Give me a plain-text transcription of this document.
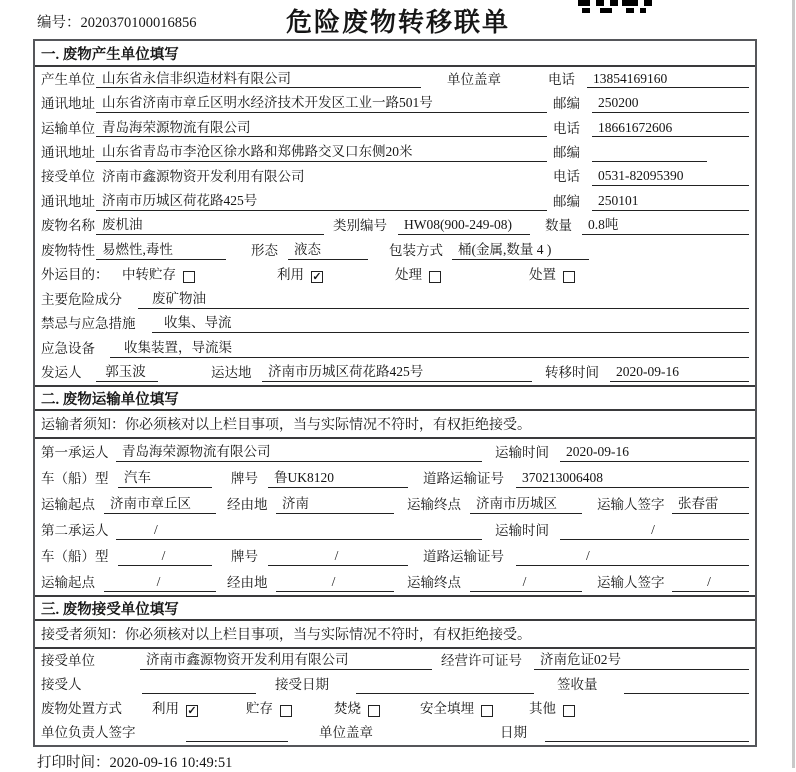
编号：2020370100016856	危险废物转移联单
一. 废物产生单位填写
产生单位 山东省永信非织造材料有限公司	单位盖章	电话	13854169160
通讯地址 山东省济南市章丘区明水经济技术开发区工业一路501号	邮编	250200
运输单位 青岛海荣源物流有限公司	电话	18661672606
通讯地址 山东省青岛市李沧区徐水路和郑佛路交叉口东侧20米	邮编
接受单位 济南市鑫源物资开发利用有限公司	电话	0531-82095390
通讯地址 济南市历城区荷花路425号	邮编	250101
废物名称 废机油	类别编号	HW08(900-249-08)	数量	0.8吨
废物特性 易燃性,毒性	形态	液态	包装方式	桶(金属,数量 4 )
外运目的： 中转贮存	利用 ✓	处理	处置
主要危险成分	废矿物油
禁忌与应急措施	收集、导流
应急设备	收集装置，导流渠
发运人	郭玉波	运达地	济南市历城区荷花路425号	转移时间	2020-09-16
二. 废物运输单位填写
运输者须知：你必须核对以上栏目事项，当与实际情况不符时，有权拒绝接受。
第一承运人	青岛海荣源物流有限公司	运输时间	2020-09-16
车（船）型	汽车	牌号	鲁UK8120	道路运输证号	370213006408
运输起点	济南市章丘区	经由地	济南	运输终点	济南市历城区	运输人签字	张春雷
第二承运人	/	运输时间	/
车（船）型	/	牌号	/	道路运输证号	/
运输起点	/	经由地	/	运输终点	/	运输人签字	/
三. 废物接受单位填写
接受者须知：你必须核对以上栏目事项，当与实际情况不符时，有权拒绝接受。
接受单位	济南市鑫源物资开发利用有限公司	经营许可证号	济南危证02号
接受人	接受日期	签收量
废物处置方式 利用 ✓	贮存	焚烧	安全填埋	其他
单位负责人签字	单位盖章	日期
打印时间：2020-09-16 10:49:51
